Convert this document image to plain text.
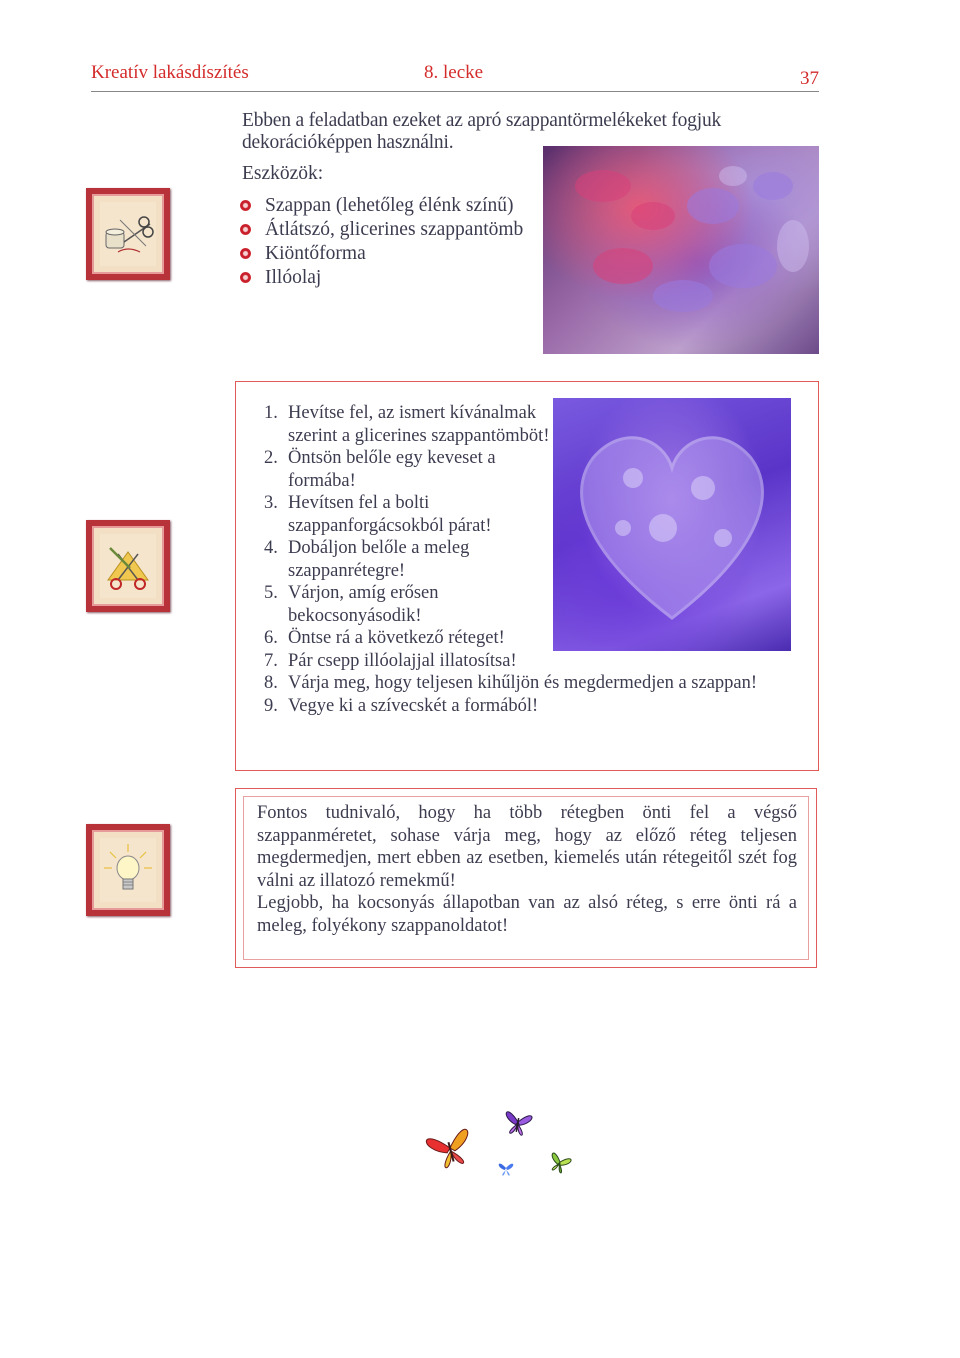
Kreatív lakásdíszítés	8. lecke	37
Ebben a feladatban ezeket az apró szappantörmelékeket fogjuk dekorációképpen használni.
Eszközök:
Szappan (lehetőleg élénk színű)
Átlátszó, glicerines szappantömb
Kiöntőforma
Illóolaj
1. Hevítse fel, az ismert kívánalmak szerint a glicerines szappantömböt!
2. Öntsön belőle egy keveset a formába!
3. Hevítsen fel a bolti szappanforgácsokból párat!
4. Dobáljon belőle a meleg szappanrétegre!
5. Várjon, amíg erősen bekocsonyásodik!
6. Öntse rá a következő réteget!
7. Pár csepp illóolajjal illatosítsa!
8. Várja meg, hogy teljesen kihűljön és megdermedjen a szappan!
9. Vegye ki a szívecskét a formából!

Fontos tudnivaló, hogy ha több rétegben önti fel a végső szappanméretet, sohase várja meg, hogy az előző réteg teljesen megdermedjen, mert ebben az esetben, kiemelés után rétegeitől szét fog válni az illatozó remekmű!

Legjobb, ha kocsonyás állapotban van az alsó réteg, s erre önti rá a meleg, folyékony szappanoldatot!
